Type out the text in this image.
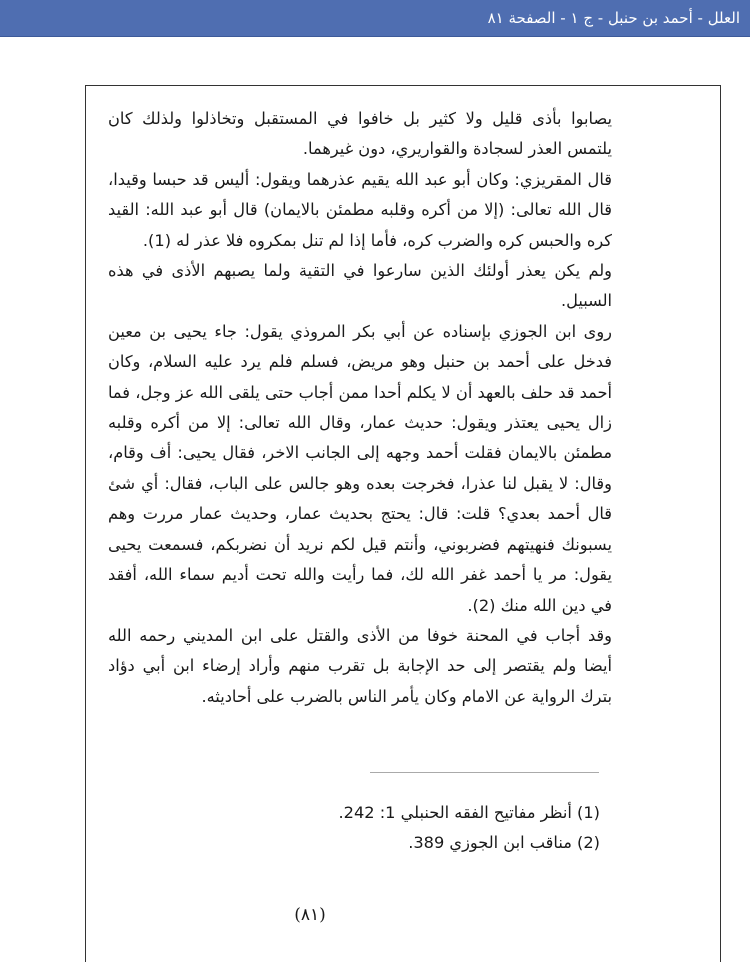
العلل - أحمد بن حنبل - ج ١ - الصفحة ٨١

يصابوا بأذى قليل ولا كثير بل خافوا في المستقبل وتخاذلوا ولذلك كان يلتمس العذر لسجادة والقواريري، دون غيرهما.

قال المقريزي: وكان أبو عبد الله يقيم عذرهما ويقول: أليس قد حبسا وقيدا، قال الله تعالى: (إلا من أكره وقلبه مطمئن بالايمان) قال أبو عبد الله: القيد كره والحبس كره والضرب كره، فأما إذا لم تنل بمكروه فلا عذر له (1).

ولم يكن يعذر أولئك الذين سارعوا في التقية ولما يصبهم الأذى في هذه السبيل.

روى ابن الجوزي بإسناده عن أبي بكر المروذي يقول: جاء يحيى بن معين فدخل على أحمد بن حنبل وهو مريض، فسلم فلم يرد عليه السلام، وكان أحمد قد حلف بالعهد أن لا يكلم أحدا ممن أجاب حتى يلقى الله عز وجل، فما زال يحيى يعتذر ويقول: حديث عمار، وقال الله تعالى: إلا من أكره وقلبه مطمئن بالايمان فقلت أحمد وجهه إلى الجانب الاخر، فقال يحيى: أف وقام، وقال: لا يقبل لنا عذرا، فخرجت بعده وهو جالس على الباب، فقال: أي شئ قال أحمد بعدي؟ قلت: قال: يحتج بحديث عمار، وحديث عمار مررت وهم يسبونك فنهيتهم فضربوني، وأنتم قيل لكم نريد أن نضربكم، فسمعت يحيى يقول: مر يا أحمد غفر الله لك، فما رأيت والله تحت أديم سماء الله، أفقد في دين الله منك (2).

وقد أجاب في المحنة خوفا من الأذى والقتل على ابن المديني رحمه الله أيضا ولم يقتصر إلى حد الإجابة بل تقرب منهم وأراد إرضاء ابن أبي دؤاد بترك الرواية عن الامام وكان يأمر الناس بالضرب على أحاديثه.

(1) أنظر مفاتيح الفقه الحنبلي 1: 242.

(2) مناقب ابن الجوزي 389.

(٨١)
